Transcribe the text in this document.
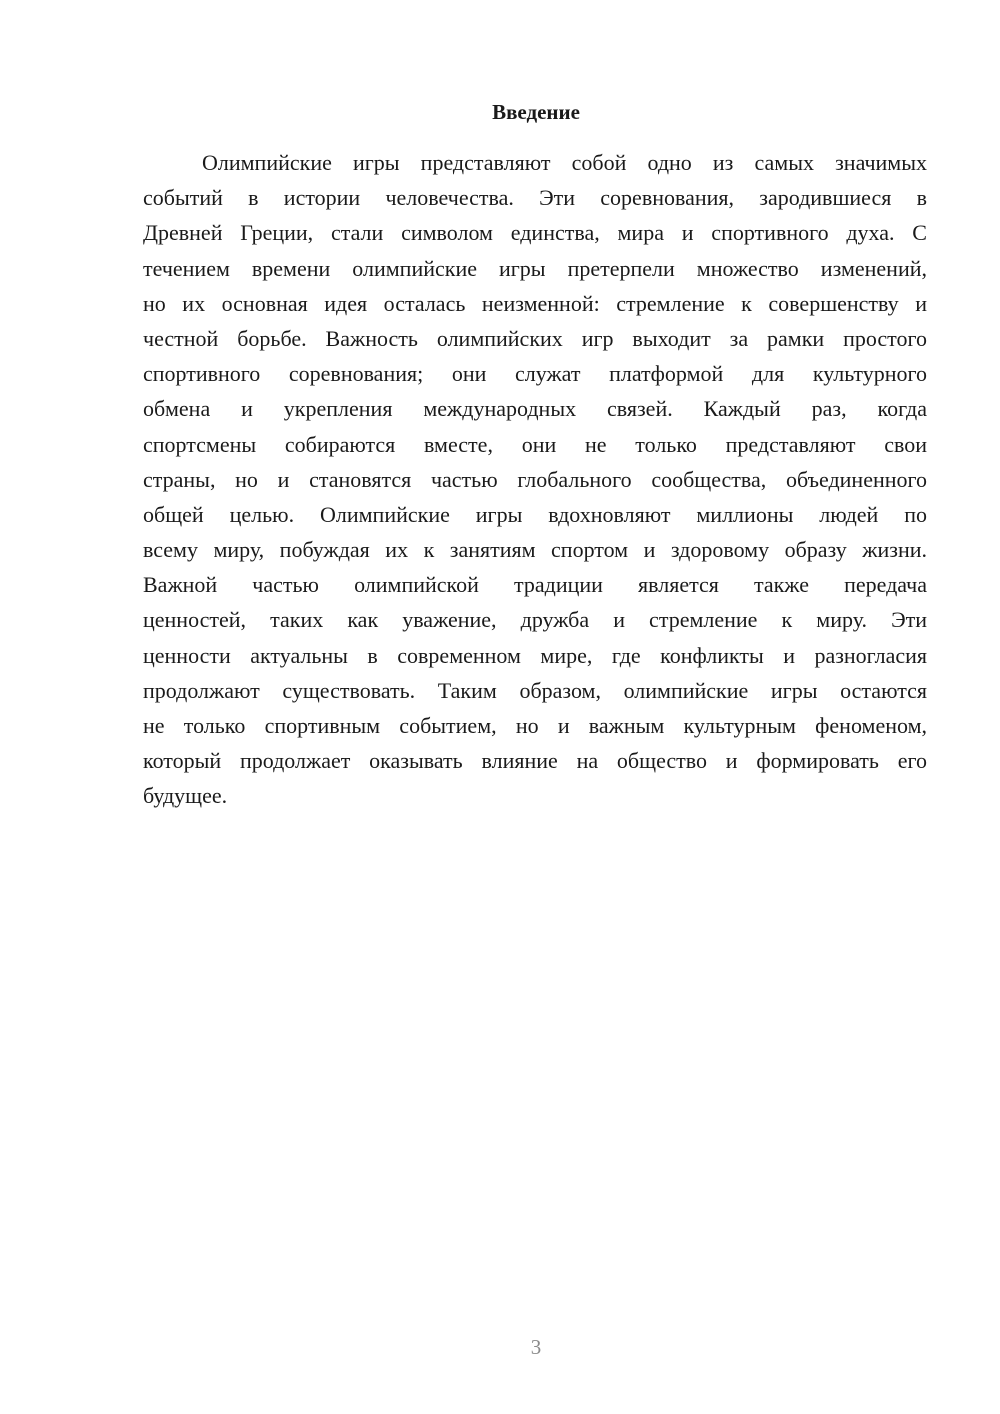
Введение
Олимпийские игры представляют собой одно из самых значимых
событий в истории человечества. Эти соревнования, зародившиеся в
Древней Греции, стали символом единства, мира и спортивного духа. С
течением времени олимпийские игры претерпели множество изменений,
но их основная идея осталась неизменной: стремление к совершенству и
честной борьбе. Важность олимпийских игр выходит за рамки простого
спортивного соревнования; они служат платформой для культурного
обмена и укрепления международных связей. Каждый раз, когда
спортсмены собираются вместе, они не только представляют свои
страны, но и становятся частью глобального сообщества, объединенного
общей целью. Олимпийские игры вдохновляют миллионы людей по
всему миру, побуждая их к занятиям спортом и здоровому образу жизни.
Важной частью олимпийской традиции является также передача
ценностей, таких как уважение, дружба и стремление к миру. Эти
ценности актуальны в современном мире, где конфликты и разногласия
продолжают существовать. Таким образом, олимпийские игры остаются
не только спортивным событием, но и важным культурным феноменом,
который продолжает оказывать влияние на общество и формировать его
будущее.
3
